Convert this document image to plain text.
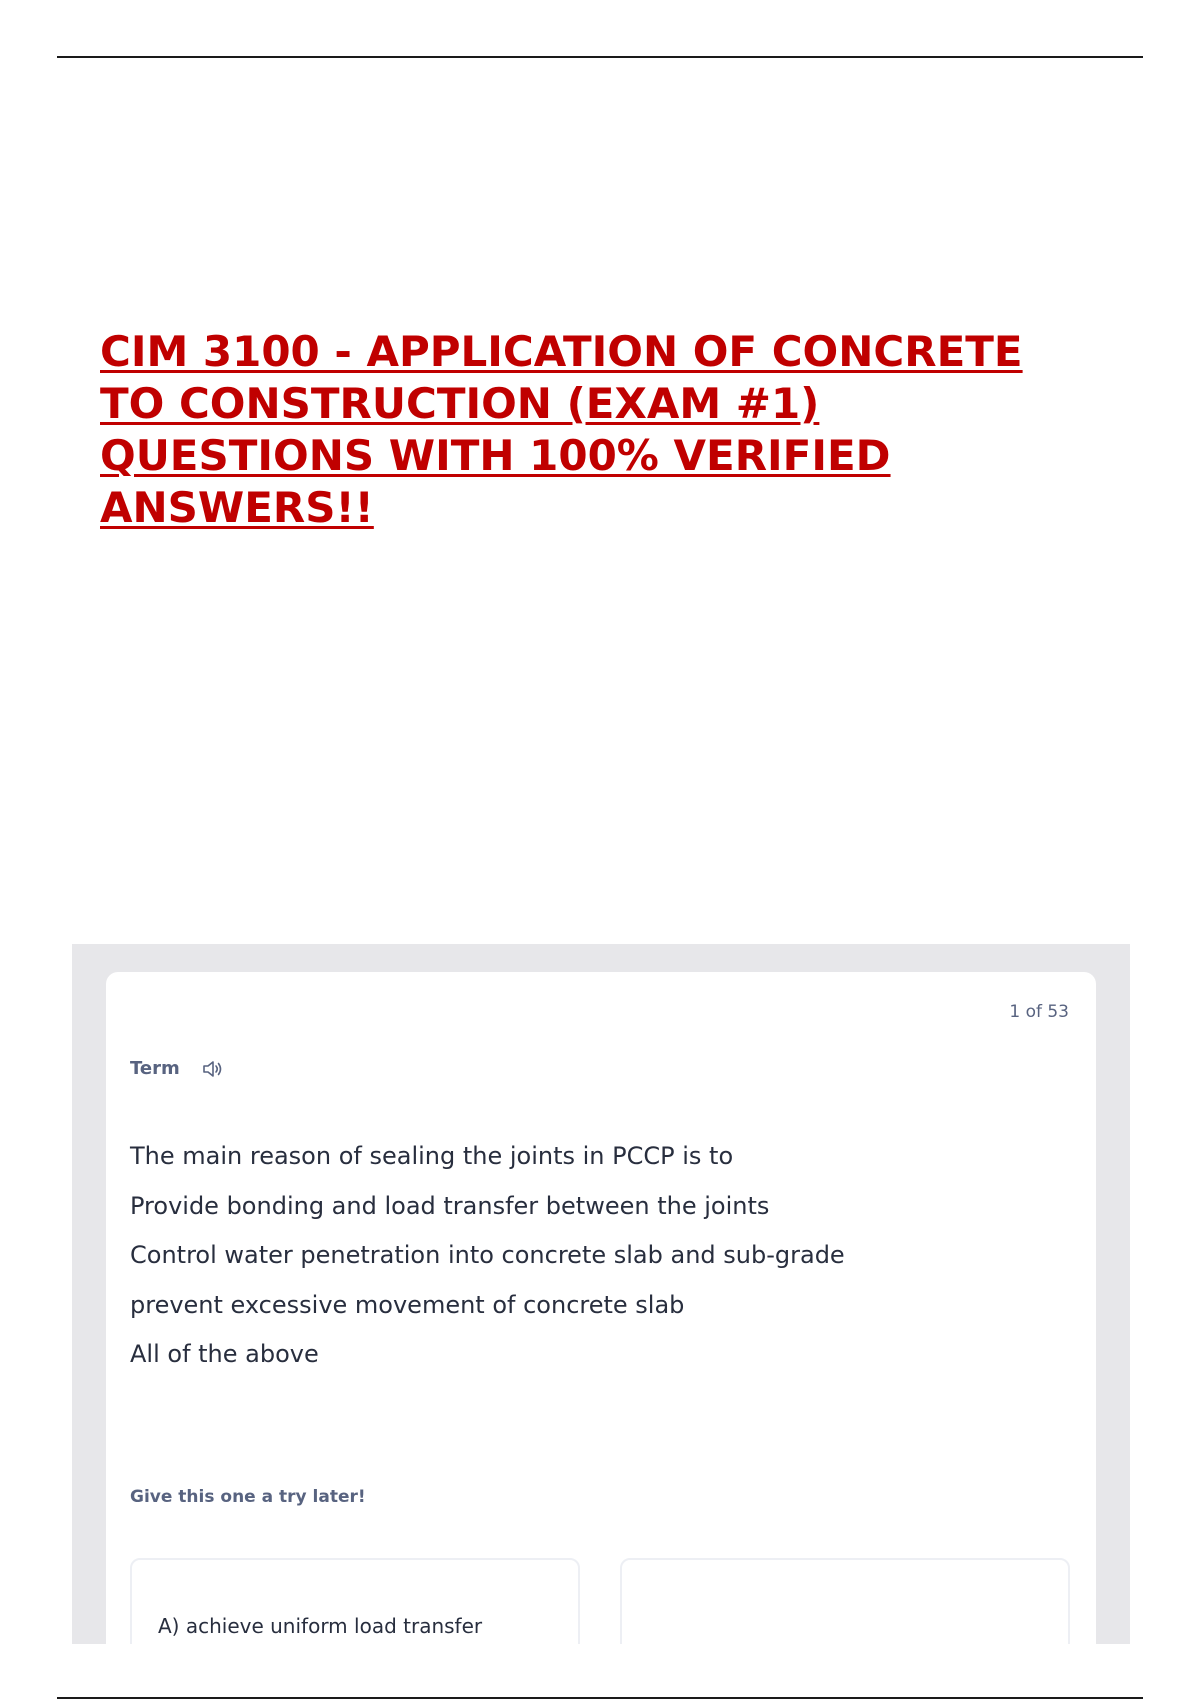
CIM 3100 - APPLICATION OF CONCRETE
TO CONSTRUCTION (EXAM #1)
QUESTIONS WITH 100% VERIFIED
ANSWERS!!
1 of 53
Term
The main reason of sealing the joints in PCCP is to
Provide bonding and load transfer between the joints
Control water penetration into concrete slab and sub-grade
prevent excessive movement of concrete slab
All of the above
Give this one a try later!
A) achieve uniform load transfer
